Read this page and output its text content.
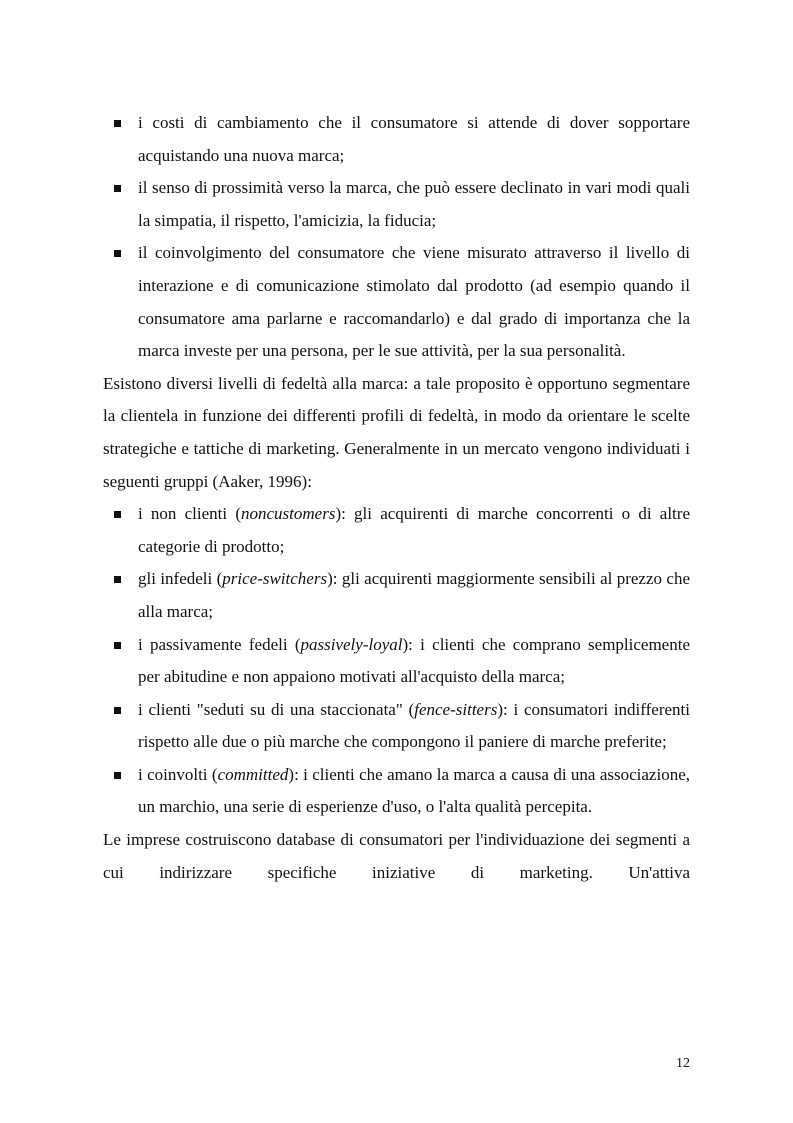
i costi di cambiamento che il consumatore si attende di dover sopportare acquistando una nuova marca;
il senso di prossimità verso la marca, che può essere declinato in vari modi quali la simpatia, il rispetto, l'amicizia, la fiducia;
il coinvolgimento del consumatore che viene misurato attraverso il livello di interazione e di comunicazione stimolato dal prodotto (ad esempio quando il consumatore ama parlarne e raccomandarlo) e dal grado di importanza che la marca investe per una persona, per le sue attività, per la sua personalità.

Esistono diversi livelli di fedeltà alla marca: a tale proposito è opportuno segmentare la clientela in funzione dei differenti profili di fedeltà, in modo da orientare le scelte strategiche e tattiche di marketing. Generalmente in un mercato vengono individuati i seguenti gruppi (Aaker, 1996):

i non clienti (noncustomers): gli acquirenti di marche concorrenti o di altre categorie di prodotto;
gli infedeli (price-switchers): gli acquirenti maggiormente sensibili al prezzo che alla marca;
i passivamente fedeli (passively-loyal): i clienti che comprano semplicemente per abitudine e non appaiono motivati all'acquisto della marca;
i clienti "seduti su di una staccionata" (fence-sitters): i consumatori indifferenti rispetto alle due o più marche che compongono il paniere di marche preferite;
i coinvolti (committed): i clienti che amano la marca a causa di una associazione, un marchio, una serie di esperienze d'uso, o l'alta qualità percepita.

Le imprese costruiscono database di consumatori per l'individuazione dei segmenti a cui indirizzare specifiche iniziative di marketing. Un'attiva

12
